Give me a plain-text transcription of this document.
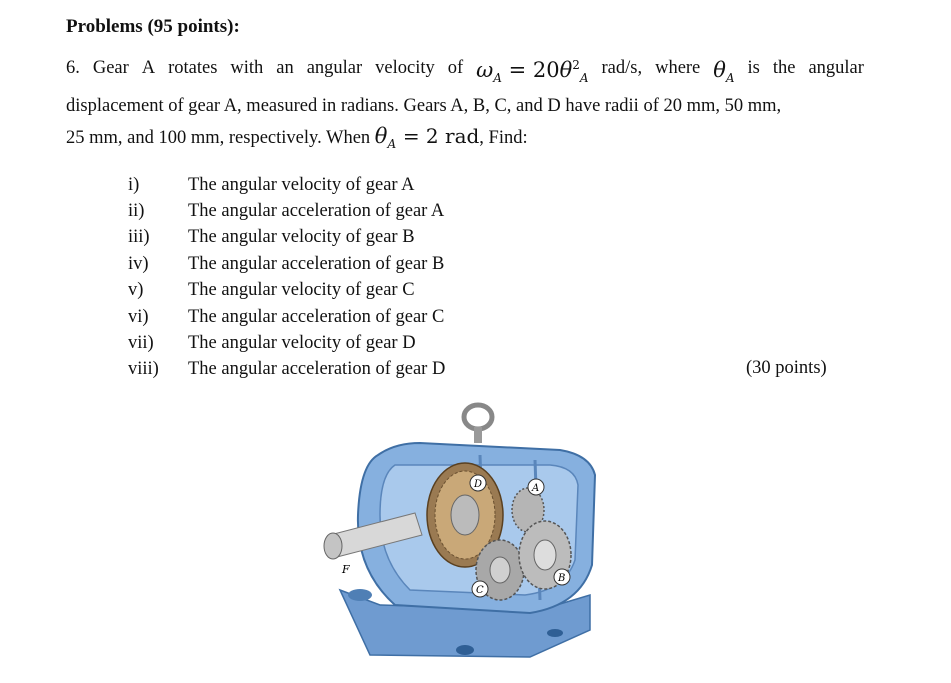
Problems (95 points):
6. Gear A rotates with an angular velocity of $\omega_A = 20\theta^2_A$
rad/s, where $\theta_A$
is the angular
displacement of gear A, measured in radians. Gears A, B, C, and D have radii of 20 mm, 50 mm,
25 mm, and 100 mm, respectively. When $\theta_A = 2$ rad, Find:
i)	The angular velocity of gear A
ii)	The angular acceleration of gear A
iii)	The angular velocity of gear B
iv)	The angular acceleration of gear B
v)	The angular velocity of gear C
vi)	The angular acceleration of gear C
vii)	The angular velocity of gear D
viii)	The angular acceleration of gear D	(30 points)
F
D
C
A
B
